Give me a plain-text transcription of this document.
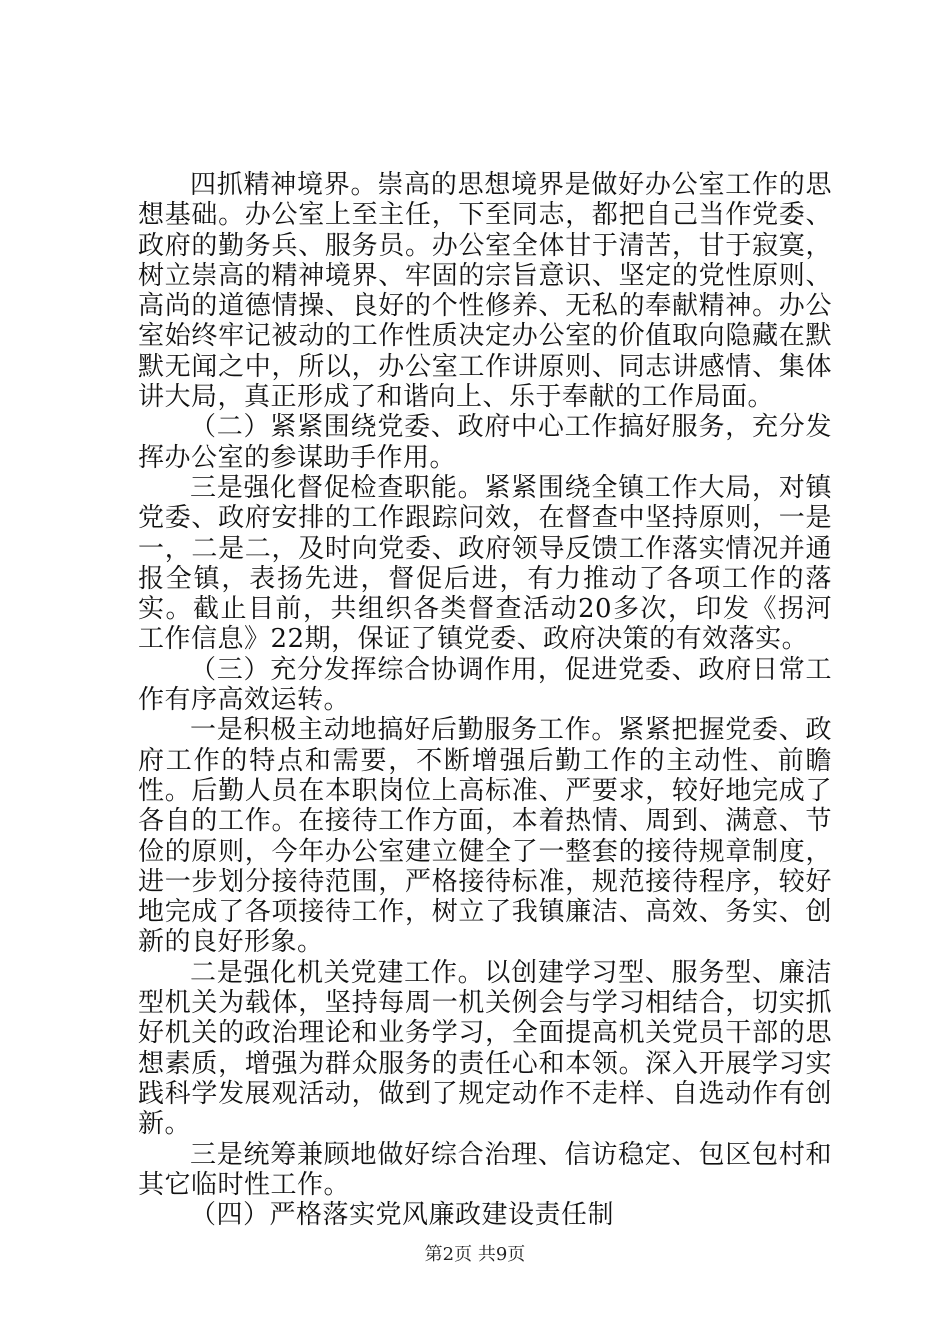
四抓精神境界。崇高的思想境界是做好办公室工作的思想基础。办公室上至主任，下至同志，都把自己当作党委、政府的勤务兵、服务员。办公室全体甘于清苦，甘于寂寞，树立崇高的精神境界、牢固的宗旨意识、坚定的党性原则、高尚的道德情操、良好的个性修养、无私的奉献精神。办公室始终牢记被动的工作性质决定办公室的价值取向隐藏在默默无闻之中，所以，办公室工作讲原则、同志讲感情、集体讲大局，真正形成了和谐向上、乐于奉献的工作局面。

（二）紧紧围绕党委、政府中心工作搞好服务，充分发挥办公室的参谋助手作用。

三是强化督促检查职能。紧紧围绕全镇工作大局，对镇党委、政府安排的工作跟踪问效，在督查中坚持原则，一是一，二是二，及时向党委、政府领导反馈工作落实情况并通报全镇，表扬先进，督促后进，有力推动了各项工作的落实。截止目前，共组织各类督查活动20多次，印发《拐河工作信息》22期，保证了镇党委、政府决策的有效落实。

（三）充分发挥综合协调作用，促进党委、政府日常工作有序高效运转。

一是积极主动地搞好后勤服务工作。紧紧把握党委、政府工作的特点和需要，不断增强后勤工作的主动性、前瞻性。后勤人员在本职岗位上高标准、严要求，较好地完成了各自的工作。在接待工作方面，本着热情、周到、满意、节俭的原则，今年办公室建立健全了一整套的接待规章制度，进一步划分接待范围，严格接待标准，规范接待程序，较好地完成了各项接待工作，树立了我镇廉洁、高效、务实、创新的良好形象。

二是强化机关党建工作。以创建学习型、服务型、廉洁型机关为载体，坚持每周一机关例会与学习相结合，切实抓好机关的政治理论和业务学习，全面提高机关党员干部的思想素质，增强为群众服务的责任心和本领。深入开展学习实践科学发展观活动，做到了规定动作不走样、自选动作有创新。

三是统筹兼顾地做好综合治理、信访稳定、包区包村和其它临时性工作。

（四）严格落实党风廉政建设责任制

第2页 共9页
